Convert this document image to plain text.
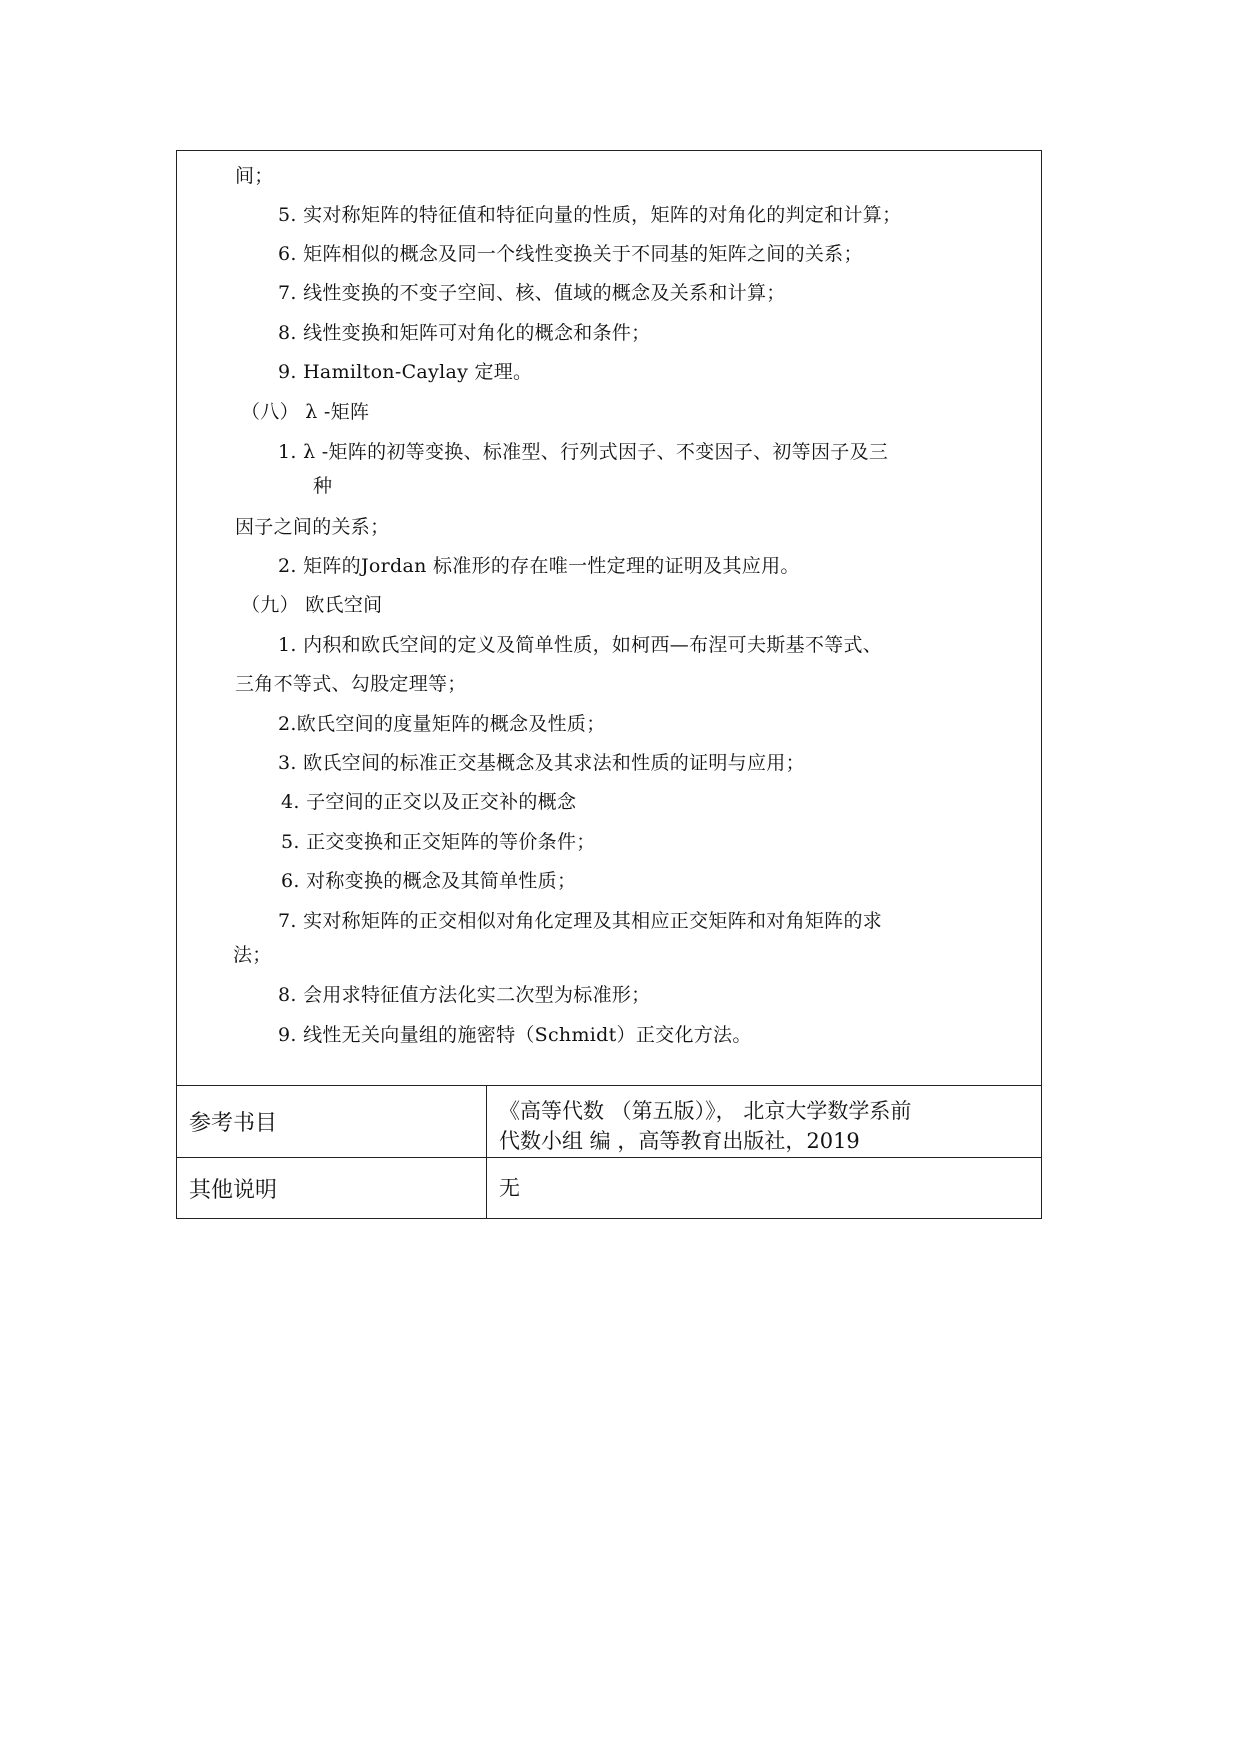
间；
5. 实对称矩阵的特征值和特征向量的性质，矩阵的对角化的判定和计算；
6. 矩阵相似的概念及同一个线性变换关于不同基的矩阵之间的关系；
7. 线性变换的不变子空间、核、值域的概念及关系和计算；
8. 线性变换和矩阵可对角化的概念和条件；
9. Hamilton-Caylay 定理。
（八） λ -矩阵
1. λ -矩阵的初等变换、标准型、行列式因子、不变因子、初等因子及三
种
因子之间的关系；
2. 矩阵的Jordan 标准形的存在唯一性定理的证明及其应用。
（九） 欧氏空间
1. 内积和欧氏空间的定义及简单性质，如柯西—布涅可夫斯基不等式、
三角不等式、勾股定理等；
2.欧氏空间的度量矩阵的概念及性质；
3. 欧氏空间的标准正交基概念及其求法和性质的证明与应用；
4. 子空间的正交以及正交补的概念
5. 正交变换和正交矩阵的等价条件；
6. 对称变换的概念及其简单性质；
7. 实对称矩阵的正交相似对角化定理及其相应正交矩阵和对角矩阵的求
法；
8. 会用求特征值方法化实二次型为标准形；
9. 线性无关向量组的施密特（Schmidt）正交化方法。
参考书目	《高等代数 （第五版）》， 北京大学数学系前
代数小组 编 ，高等教育出版社，2019
其他说明	无
